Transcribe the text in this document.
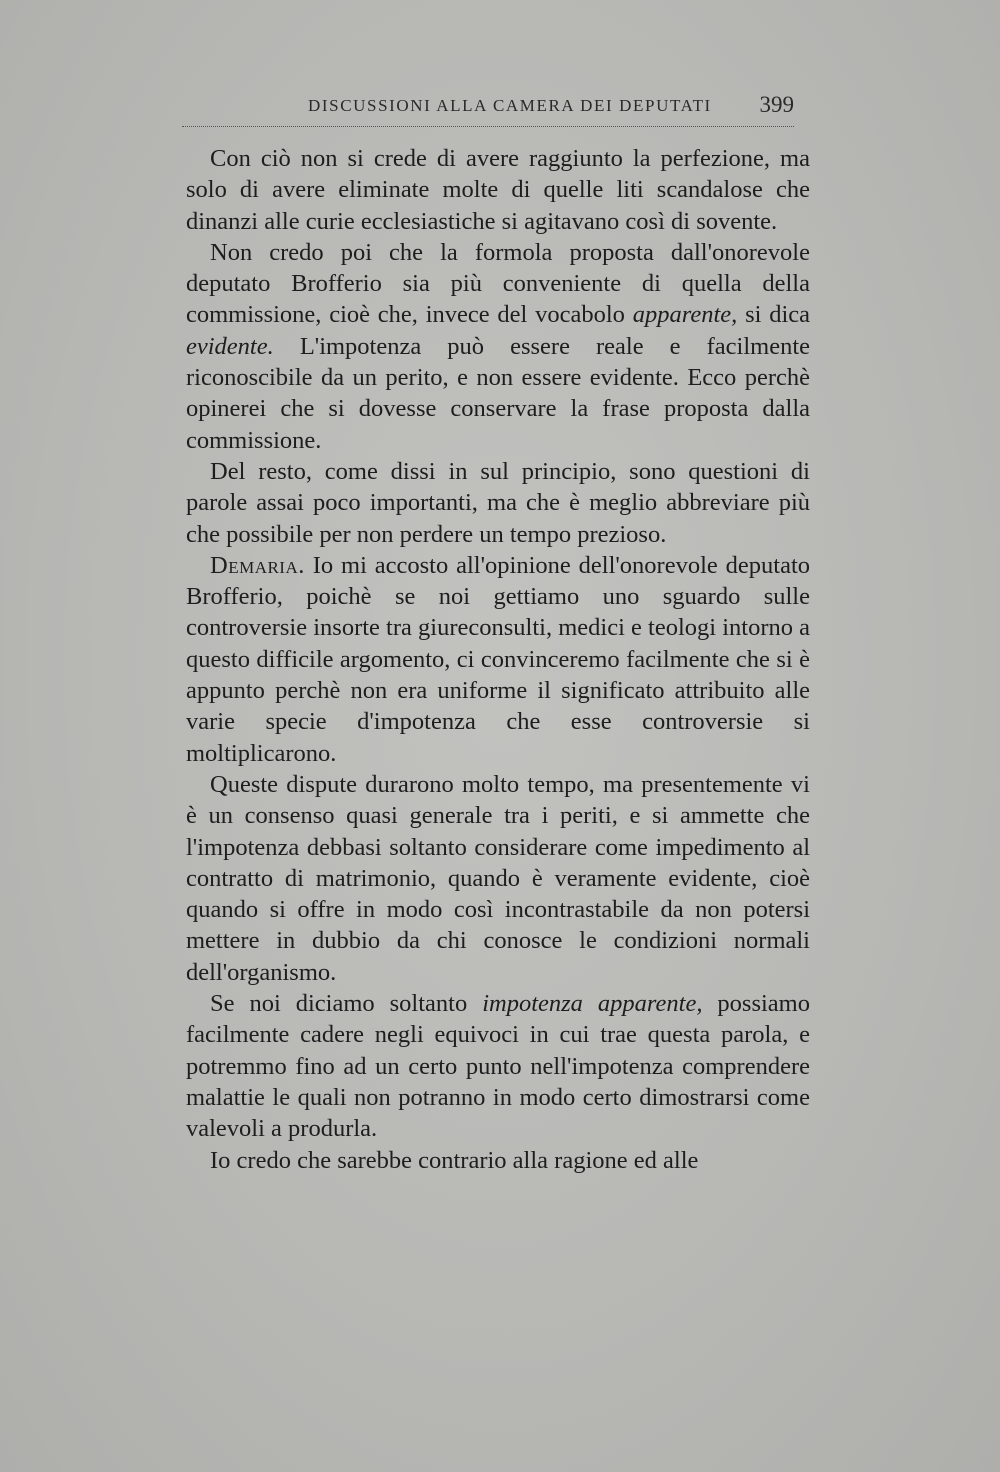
DISCUSSIONI ALLA CAMERA DEI DEPUTATI 399

Con ciò non si crede di avere raggiunto la perfezione, ma solo di avere eliminate molte di quelle liti scandalose che dinanzi alle curie ecclesiastiche si agitavano così di sovente.

Non credo poi che la formola proposta dall'onorevole deputato Brofferio sia più conveniente di quella della commissione, cioè che, invece del vocabolo apparente, si dica evidente. L'impotenza può essere reale e facilmente riconoscibile da un perito, e non essere evidente. Ecco perchè opinerei che si dovesse conservare la frase proposta dalla commissione.

Del resto, come dissi in sul principio, sono questioni di parole assai poco importanti, ma che è meglio abbreviare più che possibile per non perdere un tempo prezioso.

Demaria. Io mi accosto all'opinione dell'onorevole deputato Brofferio, poichè se noi gettiamo uno sguardo sulle controversie insorte tra giureconsulti, medici e teologi intorno a questo difficile argomento, ci convinceremo facilmente che si è appunto perchè non era uniforme il significato attribuito alle varie specie d'impotenza che esse controversie si moltiplicarono.

Queste dispute durarono molto tempo, ma presentemente vi è un consenso quasi generale tra i periti, e si ammette che l'impotenza debbasi soltanto considerare come impedimento al contratto di matrimonio, quando è veramente evidente, cioè quando si offre in modo così incontrastabile da non potersi mettere in dubbio da chi conosce le condizioni normali dell'organismo.

Se noi diciamo soltanto impotenza apparente, possiamo facilmente cadere negli equivoci in cui trae questa parola, e potremmo fino ad un certo punto nell'impotenza comprendere malattie le quali non potranno in modo certo dimostrarsi come valevoli a produrla.

Io credo che sarebbe contrario alla ragione ed alle
